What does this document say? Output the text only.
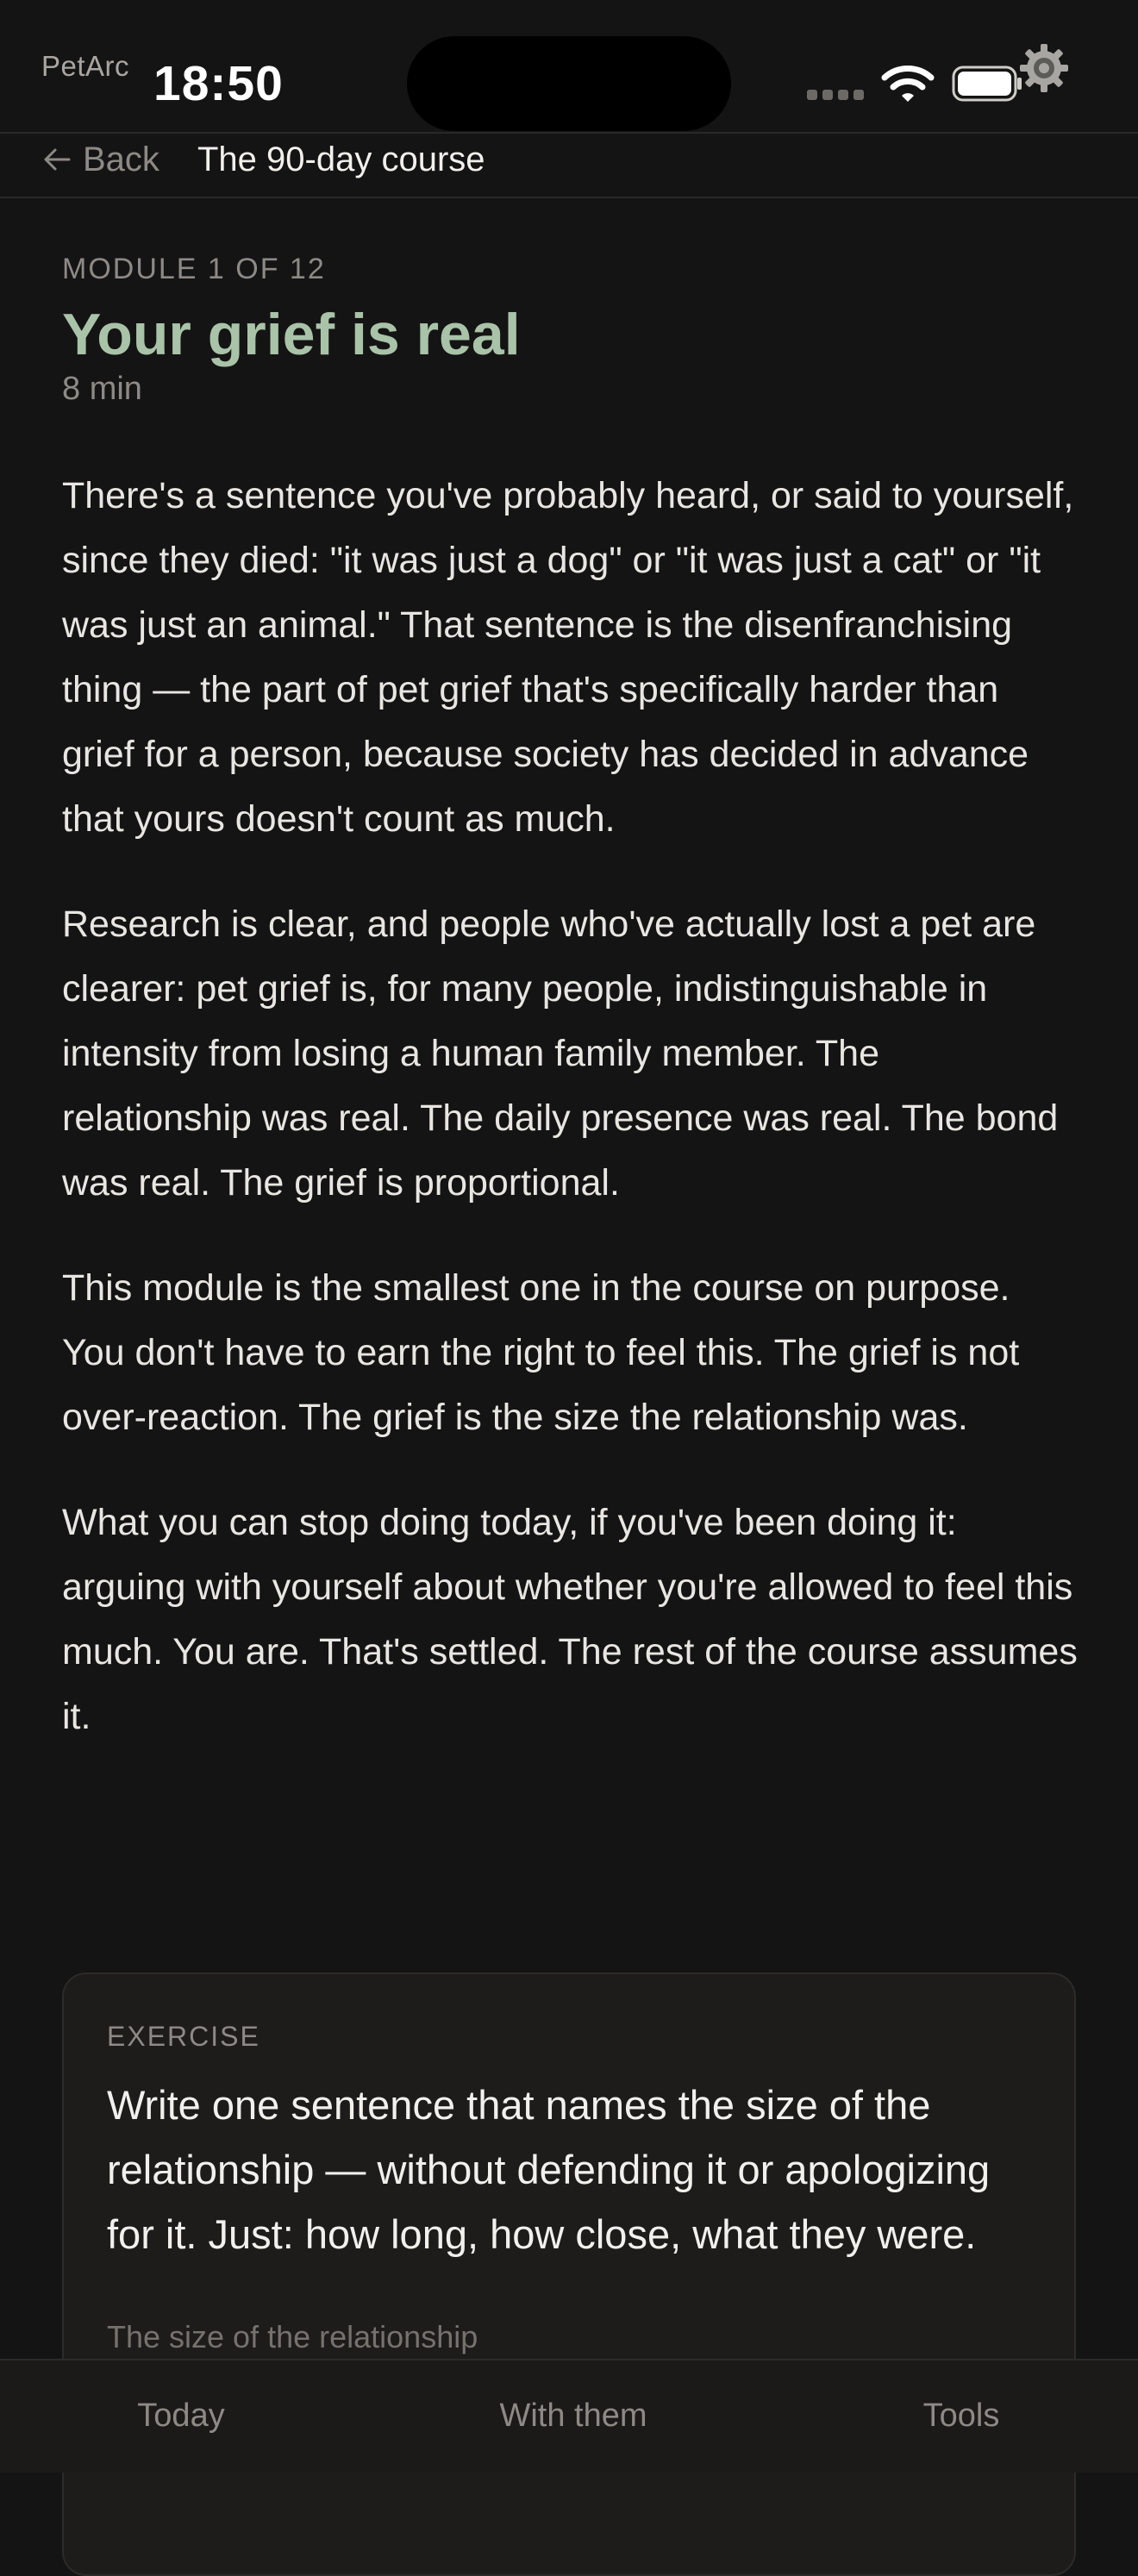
PetArc 18:50
Back The 90-day course
MODULE 1 OF 12
Your grief is real
8 min

There's a sentence you've probably heard, or said to yourself, since they died: "it was just a dog" or "it was just a cat" or "it was just an animal." That sentence is the disenfranchising thing — the part of pet grief that's specifically harder than grief for a person, because society has decided in advance that yours doesn't count as much.

Research is clear, and people who've actually lost a pet are clearer: pet grief is, for many people, indistinguishable in intensity from losing a human family member. The relationship was real. The daily presence was real. The bond was real. The grief is proportional.

This module is the smallest one in the course on purpose. You don't have to earn the right to feel this. The grief is not over-reaction. The grief is the size the relationship was.

What you can stop doing today, if you've been doing it: arguing with yourself about whether you're allowed to feel this much. You are. That's settled. The rest of the course assumes it.

EXERCISE
Write one sentence that names the size of the relationship — without defending it or apologizing for it. Just: how long, how close, what they were.
The size of the relationship
Today	With them	Tools
